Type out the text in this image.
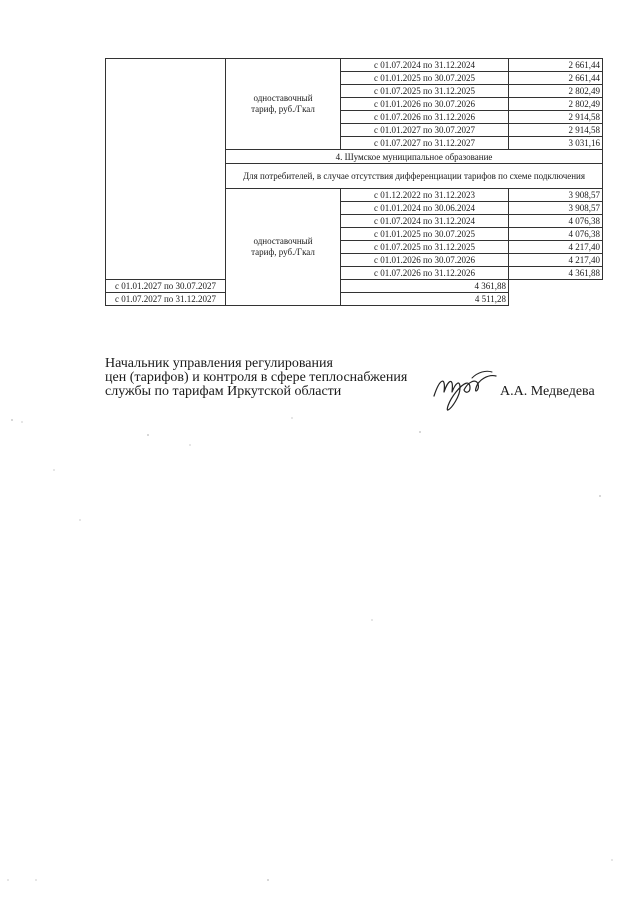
	одноставочный
тариф, руб./Гкал	с 01.07.2024 по 31.12.2024	2 661,44
		с 01.01.2025 по 30.07.2025	2 661,44
		с 01.07.2025 по 31.12.2025	2 802,49
		с 01.01.2026 по 30.07.2026	2 802,49
		с 01.07.2026 по 31.12.2026	2 914,58
		с 01.01.2027 по 30.07.2027	2 914,58
		с 01.07.2027 по 31.12.2027	3 031,16
	4. Шумское муниципальное образование		
	Для потребителей, в случае отсутствия дифференциации тарифов по схеме подключения		
	одноставочный
тариф, руб./Гкал	с 01.12.2022 по 31.12.2023	3 908,57
		с 01.01.2024 по 30.06.2024	3 908,57
		с 01.07.2024 по 31.12.2024	4 076,38
		с 01.01.2025 по 30.07.2025	4 076,38
		с 01.07.2025 по 31.12.2025	4 217,40
		с 01.01.2026 по 30.07.2026	4 217,40
		с 01.07.2026 по 31.12.2026	4 361,88
с 01.01.2027 по 30.07.2027		4 361,88	
с 01.07.2027 по 31.12.2027		4 511,28	
Начальник управления регулирования
цен (тарифов) и контроля в сфере теплоснабжения
службы по тарифам Иркутской области	А.А. Медведева
